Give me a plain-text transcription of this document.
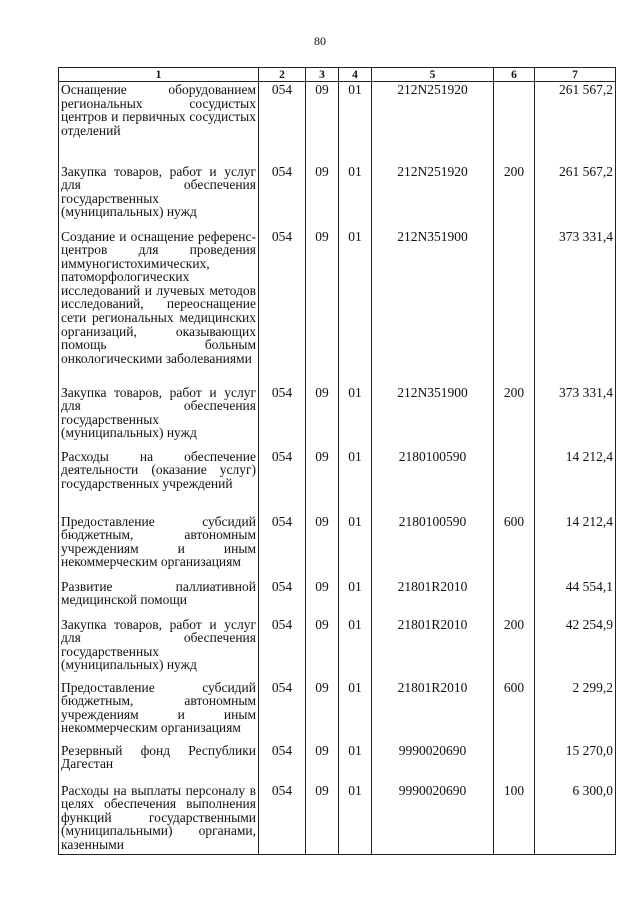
80
1	2	3	4	5	6	7
Оснащение оборудованием региональных сосудистых центров и первичных сосудистых отделений	054	09	01	212N251920		261 567,2
Закупка товаров, работ и услуг для обеспечения государственных (муниципальных) нужд	054	09	01	212N251920	200	261 567,2
Создание и оснащение референс-центров для проведения иммуногистохимических, патоморфологических исследований и лучевых методов исследований, переоснащение сети региональных медицинских организаций, оказывающих помощь больным онкологическими заболеваниями	054	09	01	212N351900		373 331,4
Закупка товаров, работ и услуг для обеспечения государственных (муниципальных) нужд	054	09	01	212N351900	200	373 331,4
Расходы на обеспечение деятельности (оказание услуг) государственных учреждений	054	09	01	2180100590		14 212,4
Предоставление субсидий бюджетным, автономным учреждениям и иным некоммерческим организациям	054	09	01	2180100590	600	14 212,4
Развитие паллиативной медицинской помощи	054	09	01	21801R2010		44 554,1
Закупка товаров, работ и услуг для обеспечения государственных (муниципальных) нужд	054	09	01	21801R2010	200	42 254,9
Предоставление субсидий бюджетным, автономным учреждениям и иным некоммерческим организациям	054	09	01	21801R2010	600	2 299,2
Резервный фонд Республики Дагестан	054	09	01	9990020690		15 270,0
Расходы на выплаты персоналу в целях обеспечения выполнения функций государственными (муниципальными) органами, казенными	054	09	01	9990020690	100	6 300,0
